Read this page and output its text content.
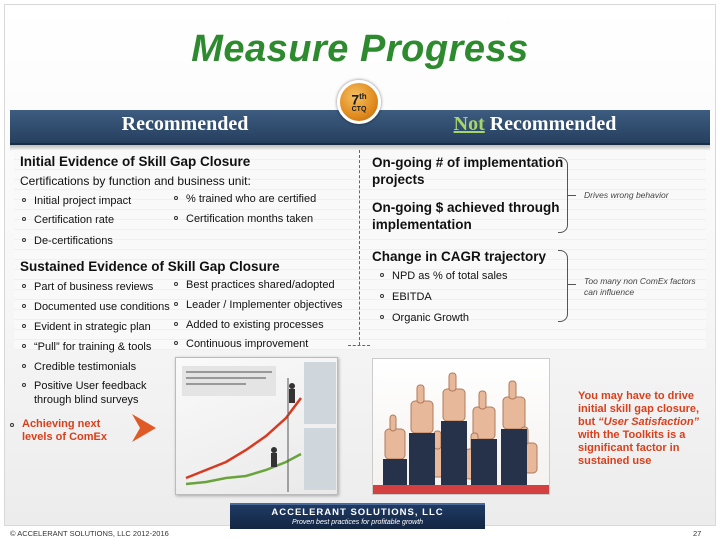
Measure Progress
Recommended	Not Recommended
7th
CTQ
Initial Evidence of Skill Gap Closure
Certifications by function and business unit:
Initial project impact
Certification rate
De-certifications
% trained who are certified
Certification months taken
Sustained Evidence of Skill Gap Closure
Part of business reviews
Documented use conditions
Evident in strategic plan
“Pull” for training & tools
Credible testimonials
Positive User feedback
through blind surveys
Best practices shared/adopted
Leader / Implementer objectives
Added to existing processes
Continuous improvement
Achieving next
levels of ComEx
On-going # of implementation projects
On-going $ achieved through implementation
Change in CAGR trajectory
NPD as % of total sales
EBITDA
Organic Growth
Drives wrong behavior
Too many non ComEx factors can influence
You may have to drive initial skill gap closure, but “User Satisfaction” with the Toolkits is a significant factor in sustained use
ACCELERANT SOLUTIONS, LLC
Proven best practices for profitable growth
© ACCELERANT SOLUTIONS, LLC 2012-2016	27
